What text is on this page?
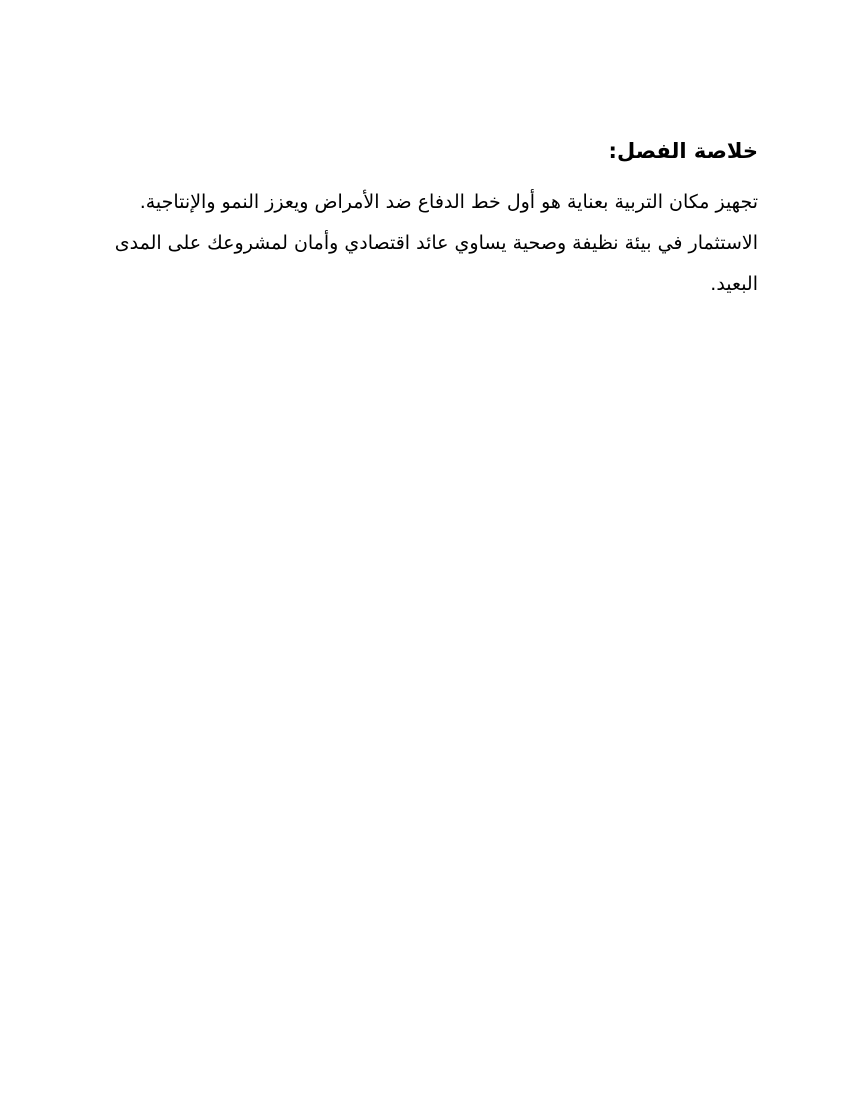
خلاصة الفصل:

تجهيز مكان التربية بعناية هو أول خط الدفاع ضد الأمراض ويعزز النمو والإنتاجية.
الاستثمار في بيئة نظيفة وصحية يساوي عائد اقتصادي وأمان لمشروعك على المدى
البعيد.
